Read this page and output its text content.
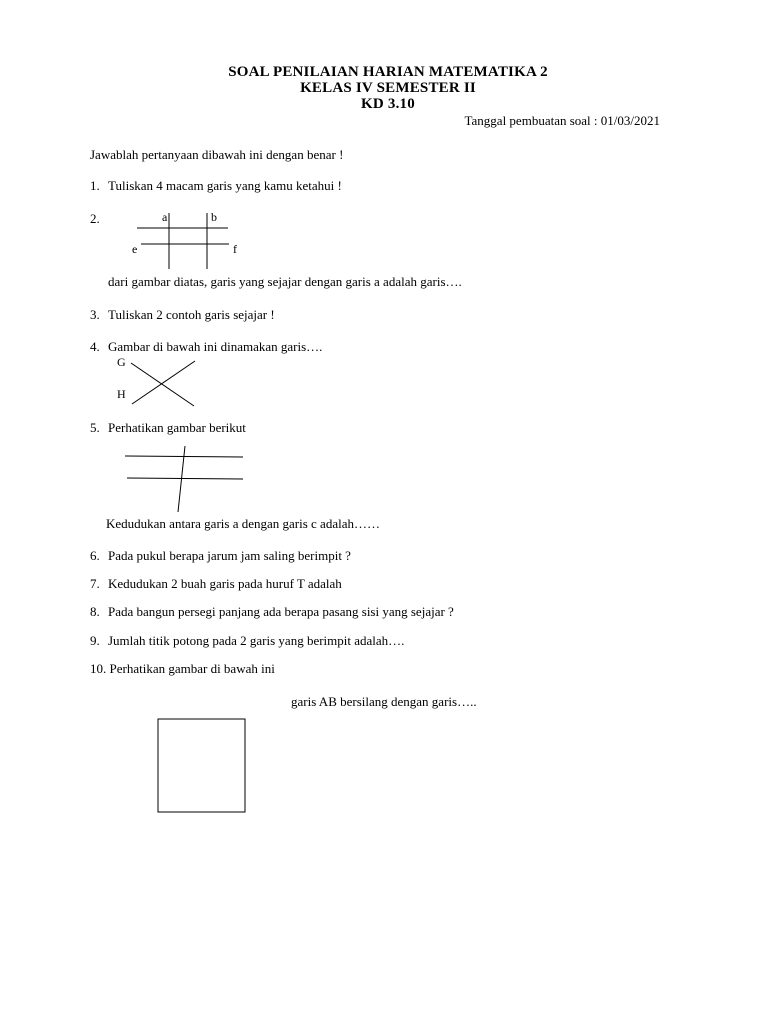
SOAL PENILAIAN HARIAN MATEMATIKA 2
KELAS IV SEMESTER II
KD 3.10
Tanggal pembuatan soal : 01/03/2021
Jawablah pertanyaan dibawah ini dengan benar !
1. Tuliskan 4 macam garis yang kamu ketahui !
2.	a	b
e	f
dari gambar diatas, garis yang sejajar dengan garis a adalah garis….
3. Tuliskan 2 contoh garis sejajar !
4. Gambar di bawah ini dinamakan garis….
G
H
5. Perhatikan gambar berikut
Kedudukan antara garis a dengan garis c adalah……
6. Pada pukul berapa jarum jam saling berimpit ?
7. Kedudukan 2 buah garis pada huruf T adalah
8. Pada bangun persegi panjang ada berapa pasang sisi yang sejajar ?
9. Jumlah titik potong pada 2 garis yang berimpit adalah….
10. Perhatikan gambar di bawah ini
garis AB bersilang dengan garis…..
